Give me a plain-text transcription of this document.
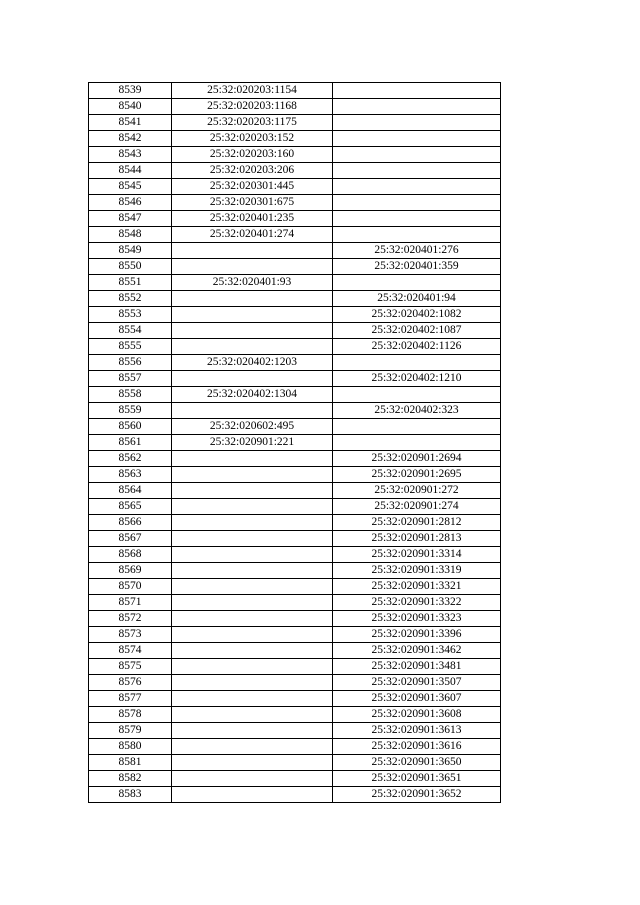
8539	25:32:020203:1154	
8540	25:32:020203:1168	
8541	25:32:020203:1175	
8542	25:32:020203:152	
8543	25:32:020203:160	
8544	25:32:020203:206	
8545	25:32:020301:445	
8546	25:32:020301:675	
8547	25:32:020401:235	
8548	25:32:020401:274	
8549		25:32:020401:276
8550		25:32:020401:359
8551	25:32:020401:93	
8552		25:32:020401:94
8553		25:32:020402:1082
8554		25:32:020402:1087
8555		25:32:020402:1126
8556	25:32:020402:1203	
8557		25:32:020402:1210
8558	25:32:020402:1304	
8559		25:32:020402:323
8560	25:32:020602:495	
8561	25:32:020901:221	
8562		25:32:020901:2694
8563		25:32:020901:2695
8564		25:32:020901:272
8565		25:32:020901:274
8566		25:32:020901:2812
8567		25:32:020901:2813
8568		25:32:020901:3314
8569		25:32:020901:3319
8570		25:32:020901:3321
8571		25:32:020901:3322
8572		25:32:020901:3323
8573		25:32:020901:3396
8574		25:32:020901:3462
8575		25:32:020901:3481
8576		25:32:020901:3507
8577		25:32:020901:3607
8578		25:32:020901:3608
8579		25:32:020901:3613
8580		25:32:020901:3616
8581		25:32:020901:3650
8582		25:32:020901:3651
8583		25:32:020901:3652
